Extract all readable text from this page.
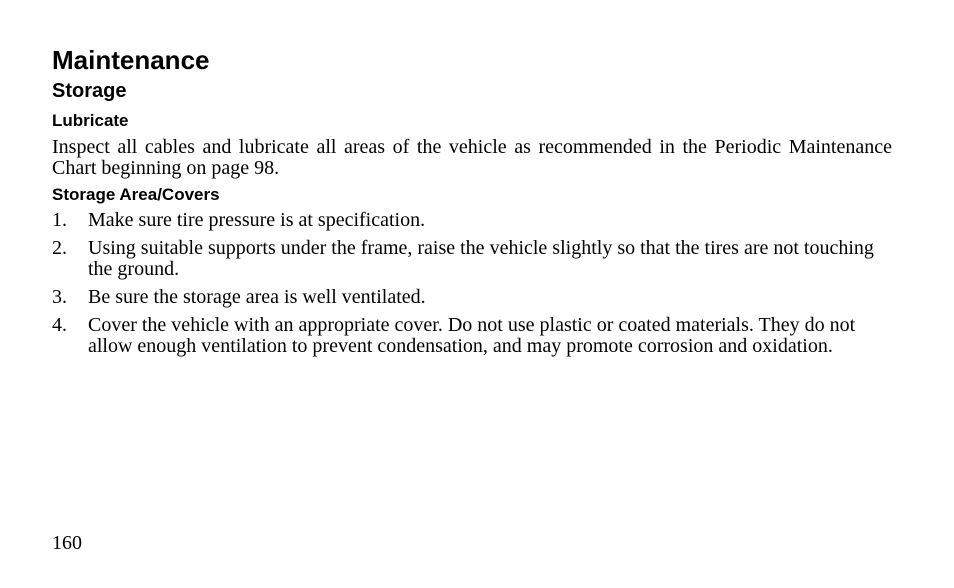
Maintenance
Storage
Lubricate

Inspect all cables and lubricate all areas of the vehicle as recommended in the Periodic Maintenance Chart beginning on page 98.

Storage Area/Covers
1.	Make sure tire pressure is at specification.
2.	Using suitable supports under the frame, raise the vehicle slightly so that the tires are not touching the ground.
3.	Be sure the storage area is well ventilated.
4.	Cover the vehicle with an appropriate cover. Do not use plastic or coated materials. They do not allow enough ventilation to prevent condensation, and may promote corrosion and oxidation.
160
